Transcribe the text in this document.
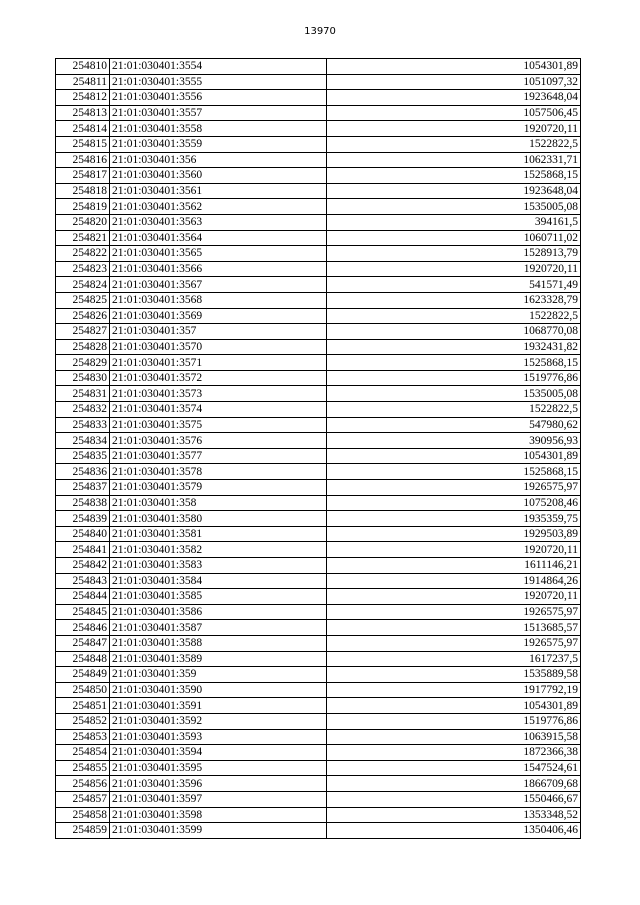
13970
254810	21:01:030401:3554	1054301,89
254811	21:01:030401:3555	1051097,32
254812	21:01:030401:3556	1923648,04
254813	21:01:030401:3557	1057506,45
254814	21:01:030401:3558	1920720,11
254815	21:01:030401:3559	1522822,5
254816	21:01:030401:356	1062331,71
254817	21:01:030401:3560	1525868,15
254818	21:01:030401:3561	1923648,04
254819	21:01:030401:3562	1535005,08
254820	21:01:030401:3563	394161,5
254821	21:01:030401:3564	1060711,02
254822	21:01:030401:3565	1528913,79
254823	21:01:030401:3566	1920720,11
254824	21:01:030401:3567	541571,49
254825	21:01:030401:3568	1623328,79
254826	21:01:030401:3569	1522822,5
254827	21:01:030401:357	1068770,08
254828	21:01:030401:3570	1932431,82
254829	21:01:030401:3571	1525868,15
254830	21:01:030401:3572	1519776,86
254831	21:01:030401:3573	1535005,08
254832	21:01:030401:3574	1522822,5
254833	21:01:030401:3575	547980,62
254834	21:01:030401:3576	390956,93
254835	21:01:030401:3577	1054301,89
254836	21:01:030401:3578	1525868,15
254837	21:01:030401:3579	1926575,97
254838	21:01:030401:358	1075208,46
254839	21:01:030401:3580	1935359,75
254840	21:01:030401:3581	1929503,89
254841	21:01:030401:3582	1920720,11
254842	21:01:030401:3583	1611146,21
254843	21:01:030401:3584	1914864,26
254844	21:01:030401:3585	1920720,11
254845	21:01:030401:3586	1926575,97
254846	21:01:030401:3587	1513685,57
254847	21:01:030401:3588	1926575,97
254848	21:01:030401:3589	1617237,5
254849	21:01:030401:359	1535889,58
254850	21:01:030401:3590	1917792,19
254851	21:01:030401:3591	1054301,89
254852	21:01:030401:3592	1519776,86
254853	21:01:030401:3593	1063915,58
254854	21:01:030401:3594	1872366,38
254855	21:01:030401:3595	1547524,61
254856	21:01:030401:3596	1866709,68
254857	21:01:030401:3597	1550466,67
254858	21:01:030401:3598	1353348,52
254859	21:01:030401:3599	1350406,46
